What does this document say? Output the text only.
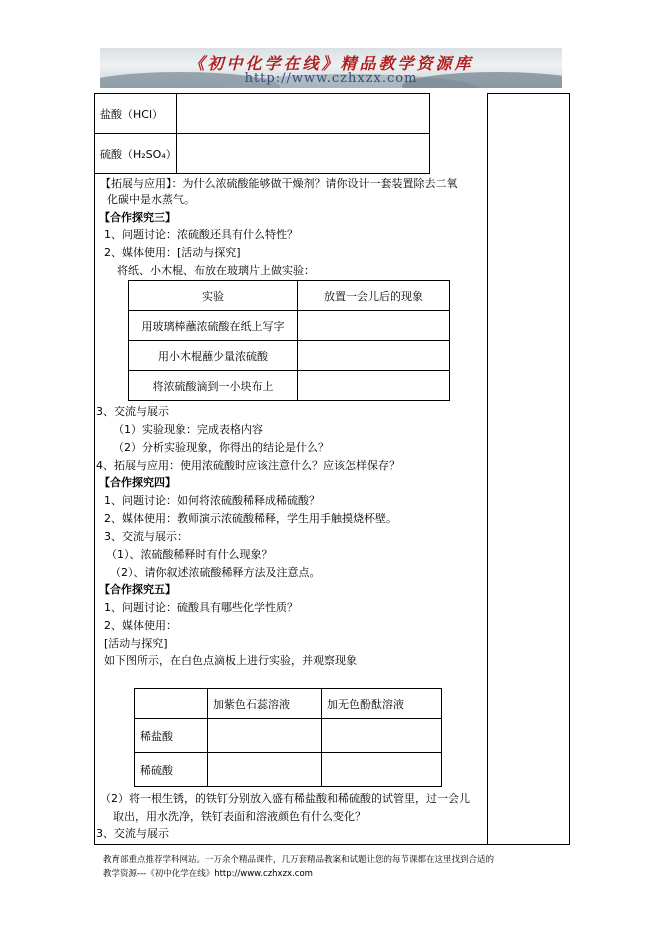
《初中化学在线》精品教学资源库
http://www.czhxzx.com
盐酸（HCl）	
硫酸（H₂SO₄）	
【拓展与应用】：为什么浓硫酸能够做干燥剂？请你设计一套装置除去二氧
化碳中是水蒸气。
【合作探究三】
1、问题讨论：浓硫酸还具有什么特性？
2、媒体使用：[活动与探究]
将纸、小木棍、布放在玻璃片上做实验：
实验	放置一会儿后的现象
用玻璃棒蘸浓硫酸在纸上写字	
用小木棍蘸少量浓硫酸	
将浓硫酸滴到一小块布上	
3、交流与展示
（1）实验现象：完成表格内容
（2）分析实验现象，你得出的结论是什么？
4、拓展与应用：使用浓硫酸时应该注意什么？应该怎样保存？
【合作探究四】
1、问题讨论：如何将浓硫酸稀释成稀硫酸？
2、媒体使用：教师演示浓硫酸稀释，学生用手触摸烧杯壁。
3、交流与展示：
（1）、浓硫酸稀释时有什么现象？
（2）、请你叙述浓硫酸稀释方法及注意点。
【合作探究五】
1、问题讨论：硫酸具有哪些化学性质？
2、媒体使用：
[活动与探究]
如下图所示，在白色点滴板上进行实验，并观察现象
	加紫色石蕊溶液	加无色酚酞溶液
稀盐酸		
稀硫酸		
（2）将一根生锈，的铁钉分别放入盛有稀盐酸和稀硫酸的试管里，过一会儿
取出，用水洗净，铁钉表面和溶液颜色有什么变化？
3、交流与展示
教育部重点推荐学科网站。一万余个精品课件，几万套精品教案和试题让您的每节课都在这里找到合适的
教学资源---《初中化学在线》http://www.czhxzx.com
